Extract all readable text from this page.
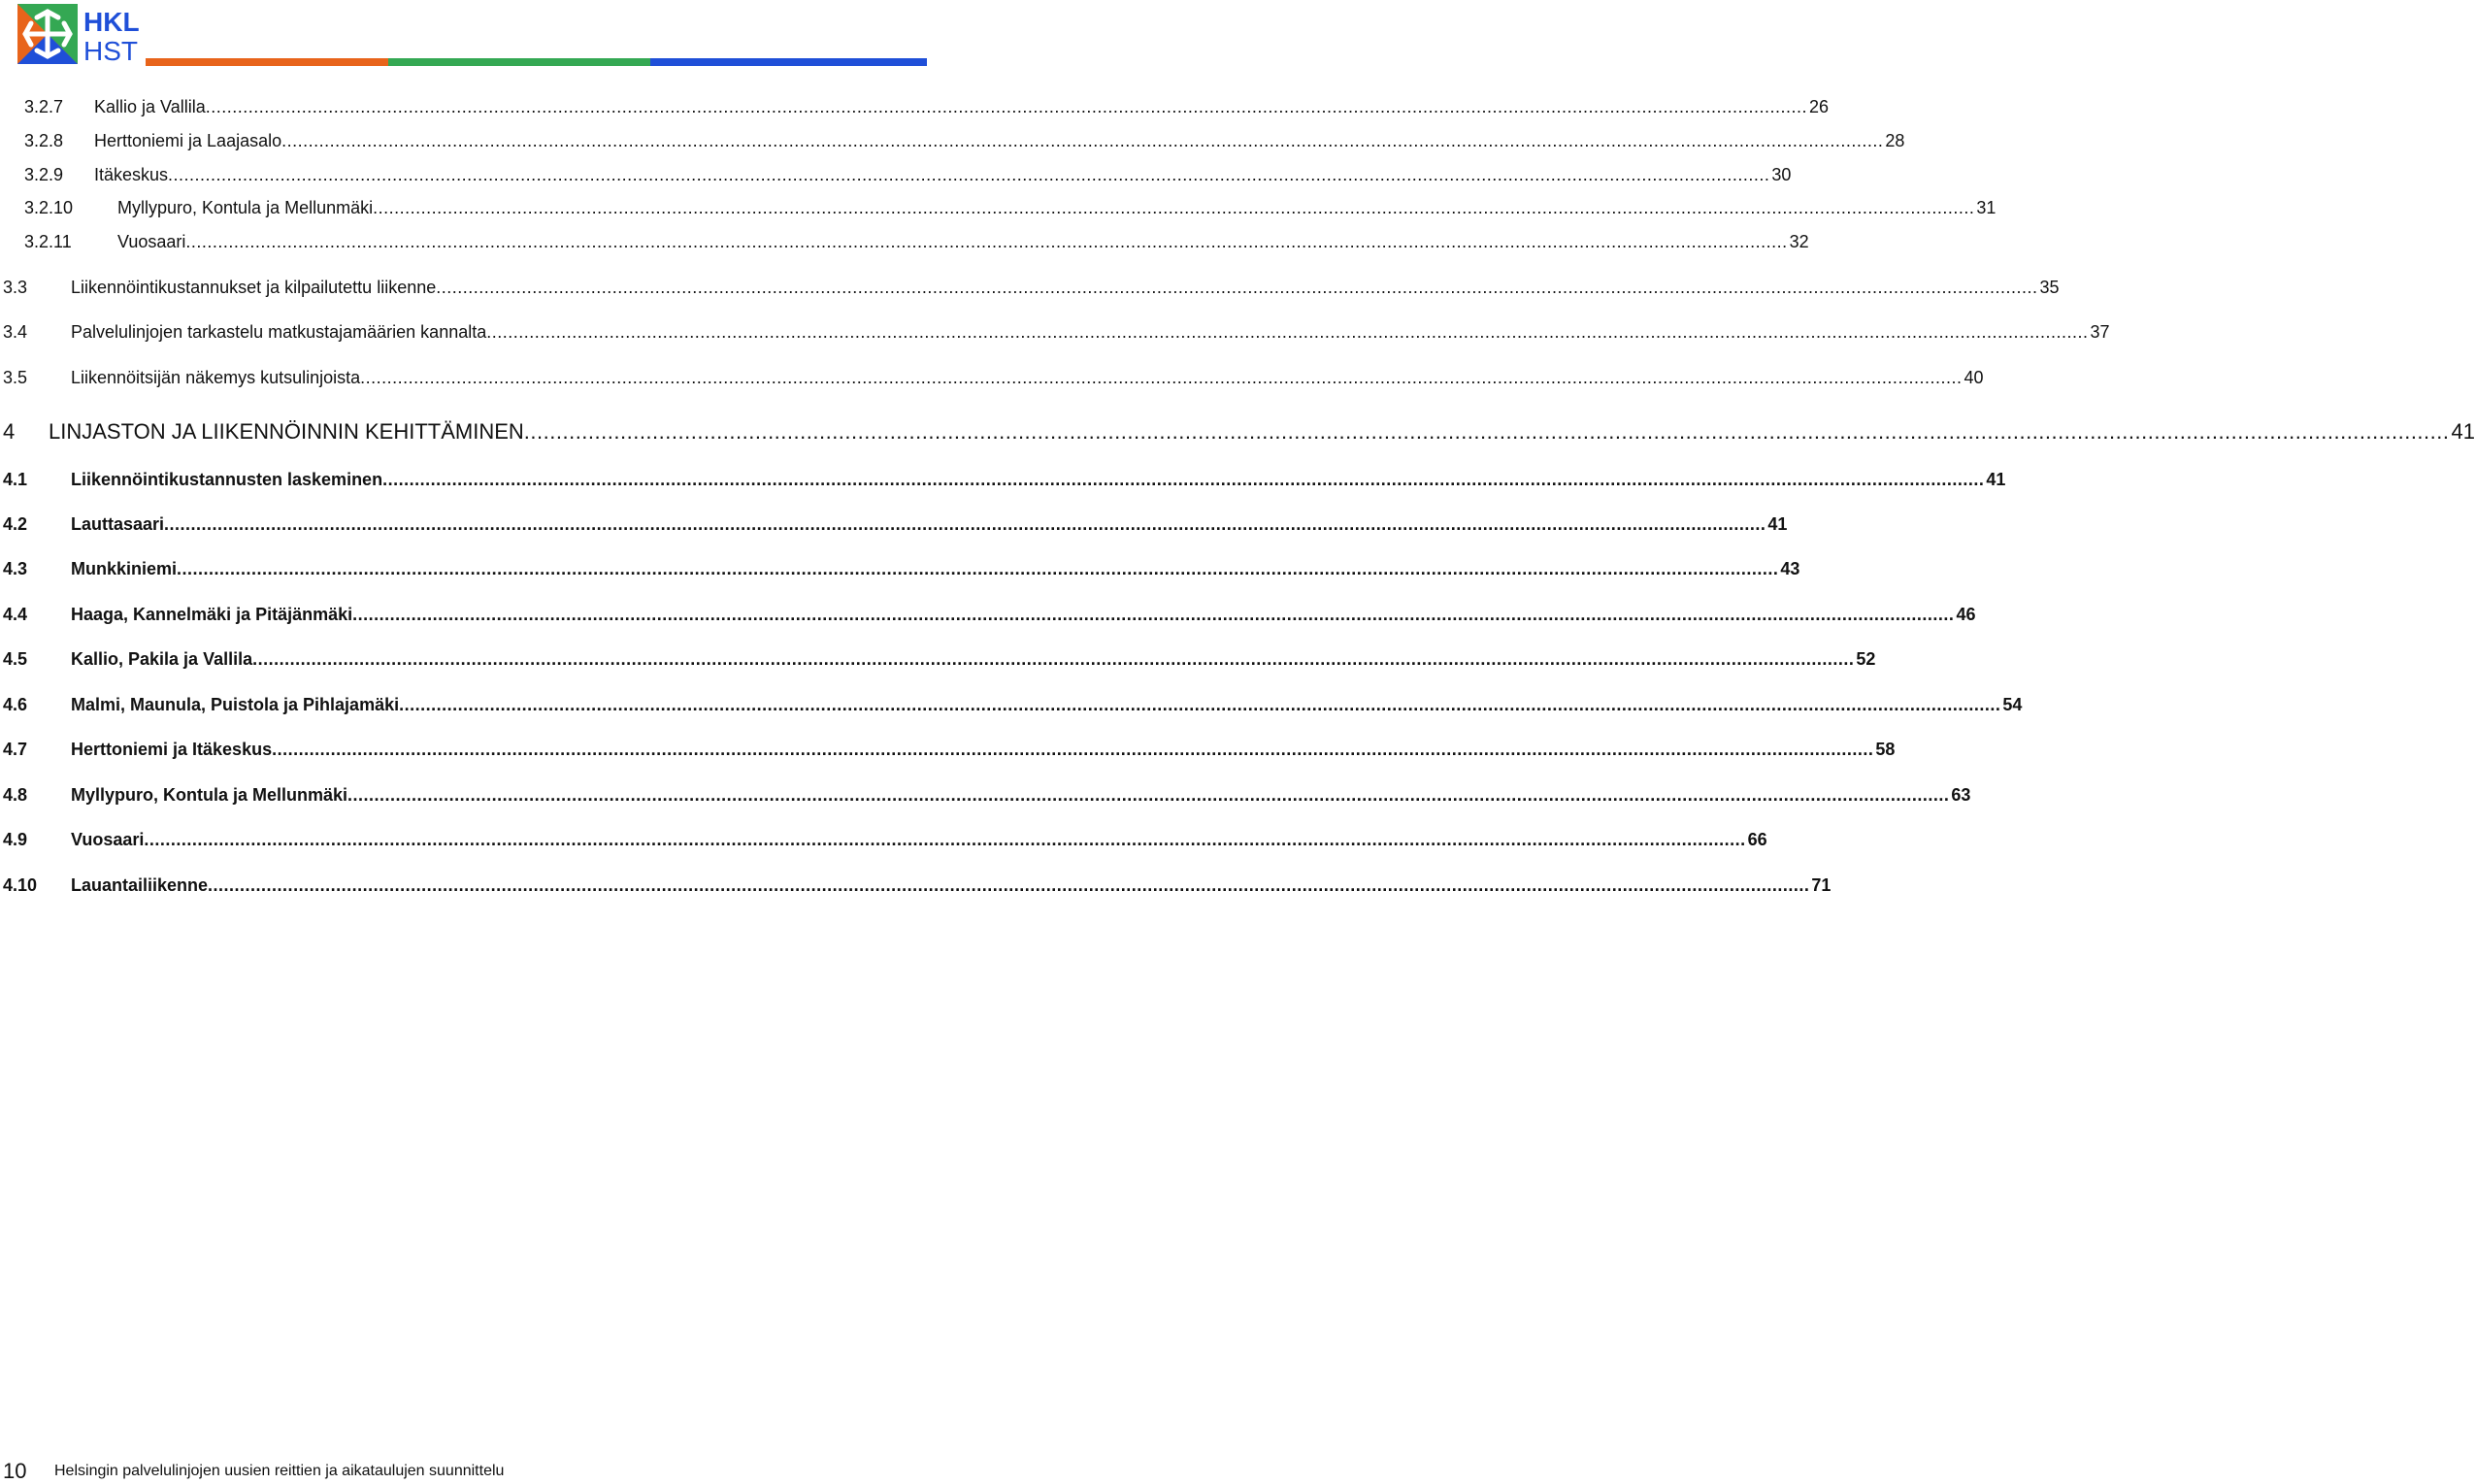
HKL
HST
3.2.7 Kallio ja Vallila ............................................................................................................................................................................................................................................................................................................ 26
3.2.8 Herttoniemi ja Laajasalo ............................................................................................................................................................................................................................................................................................................ 28
3.2.9 Itäkeskus ............................................................................................................................................................................................................................................................................................................ 30
3.2.10	Myllypuro, Kontula ja Mellunmäki ............................................................................................................................................................................................................................................................................................................ 31
3.2.11	Vuosaari ............................................................................................................................................................................................................................................................................................................ 32
3.3 Liikennöintikustannukset ja kilpailutettu liikenne ............................................................................................................................................................................................................................................................................................................ 35
3.4 Palvelulinjojen tarkastelu matkustajamäärien kannalta ............................................................................................................................................................................................................................................................................................................ 37
3.5 Liikennöitsijän näkemys kutsulinjoista ............................................................................................................................................................................................................................................................................................................ 40
4 LINJASTON JA LIIKENNÖINNIN KEHITTÄMINEN ............................................................................................................................................................................................................................................................................................................ 41
4.1 Liikennöintikustannusten laskeminen ............................................................................................................................................................................................................................................................................................................ 41
4.2 Lauttasaari ............................................................................................................................................................................................................................................................................................................ 41
4.3 Munkkiniemi ............................................................................................................................................................................................................................................................................................................ 43
4.4 Haaga, Kannelmäki ja Pitäjänmäki ............................................................................................................................................................................................................................................................................................................ 46
4.5 Kallio, Pakila ja Vallila ............................................................................................................................................................................................................................................................................................................ 52
4.6 Malmi, Maunula, Puistola ja Pihlajamäki ............................................................................................................................................................................................................................................................................................................ 54
4.7 Herttoniemi ja Itäkeskus ............................................................................................................................................................................................................................................................................................................ 58
4.8 Myllypuro, Kontula ja Mellunmäki ............................................................................................................................................................................................................................................................................................................ 63
4.9 Vuosaari ............................................................................................................................................................................................................................................................................................................ 66
4.10 Lauantailiikenne ............................................................................................................................................................................................................................................................................................................ 71
10 Helsingin palvelulinjojen uusien reittien ja aikataulujen suunnittelu
